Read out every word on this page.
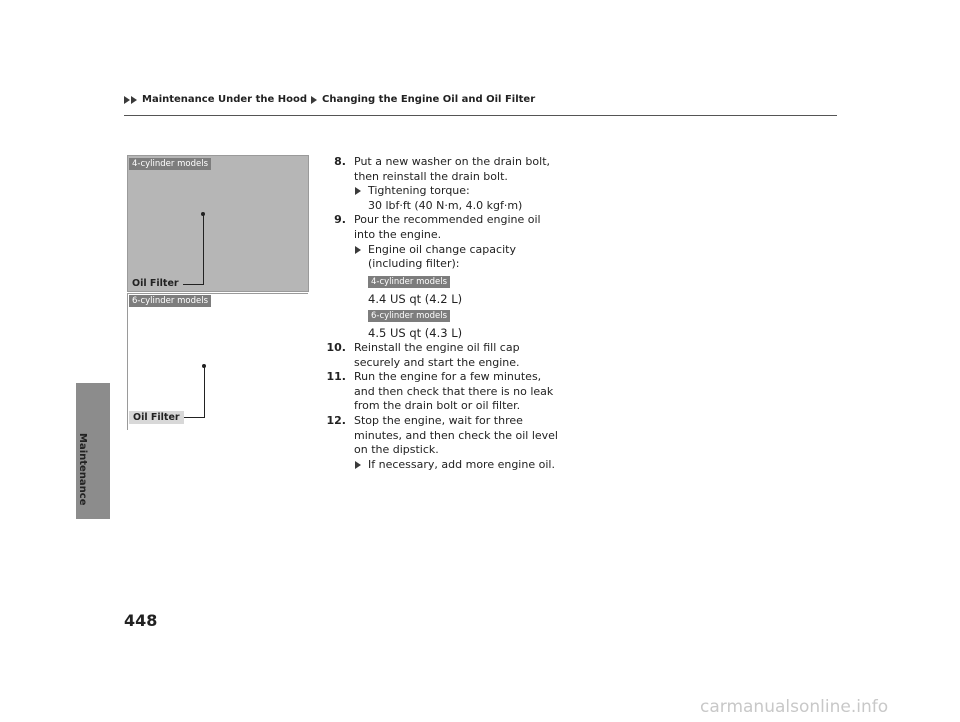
Maintenance Under the Hood Changing the Engine Oil and Oil Filter
Maintenance
4-cylinder models
Oil Filter
6-cylinder models
Oil Filter
8. Put a new washer on the drain bolt, then reinstall the drain bolt.
Tightening torque:
30 lbf·ft (40 N·m, 4.0 kgf·m)
9. Pour the recommended engine oil into the engine.
Engine oil change capacity (including filter):
4-cylinder models
4.4 US qt (4.2 L)
6-cylinder models
4.5 US qt (4.3 L)
10. Reinstall the engine oil fill cap securely and start the engine.
11. Run the engine for a few minutes, and then check that there is no leak from the drain bolt or oil filter.
12. Stop the engine, wait for three minutes, and then check the oil level on the dipstick.
If necessary, add more engine oil.
448
carmanualsonline.info
